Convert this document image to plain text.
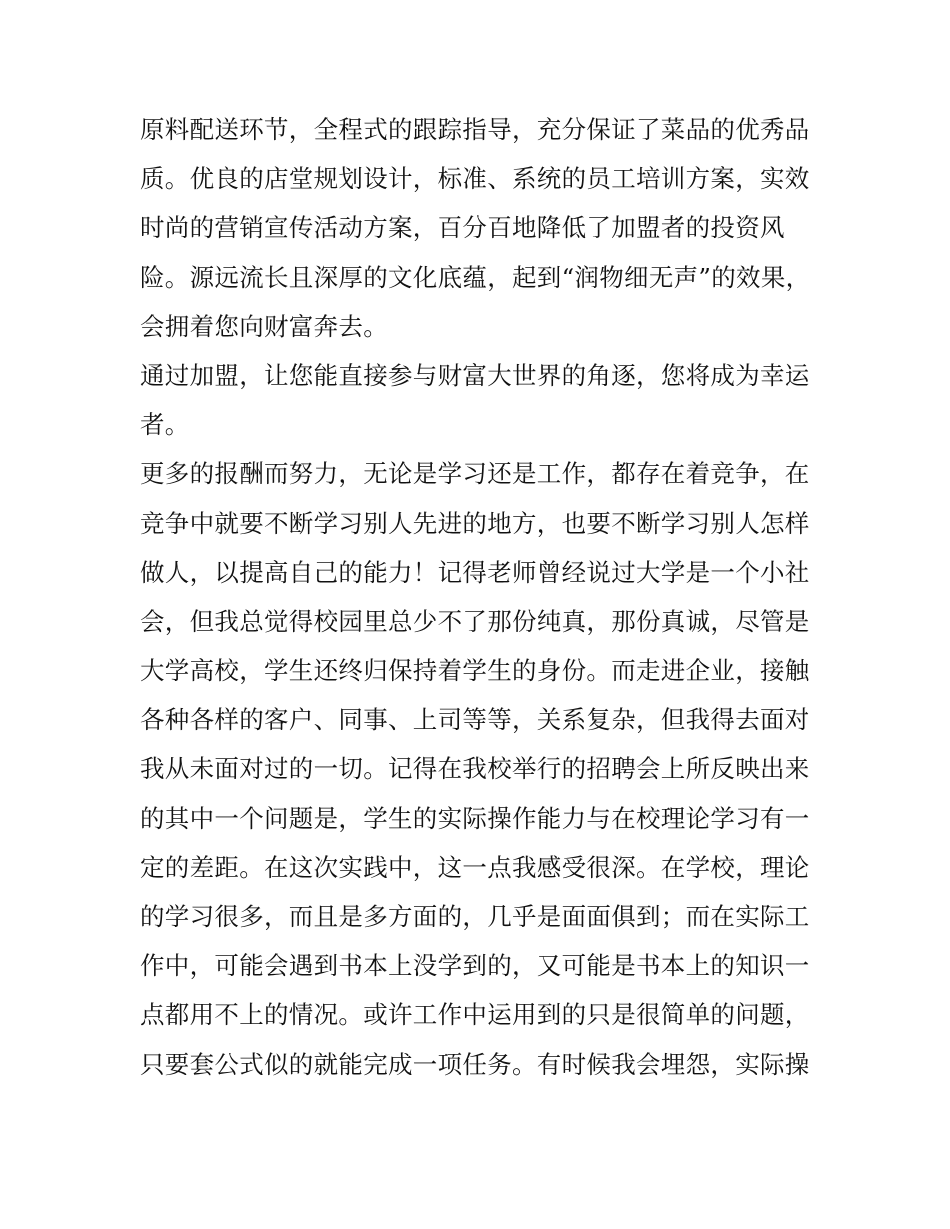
原料配送环节，全程式的跟踪指导，充分保证了菜品的优秀品
质。优良的店堂规划设计，标准、系统的员工培训方案，实效
时尚的营销宣传活动方案，百分百地降低了加盟者的投资风
险。源远流长且深厚的文化底蕴，起到“润物细无声”的效果，
会拥着您向财富奔去。
通过加盟，让您能直接参与财富大世界的角逐，您将成为幸运
者。
更多的报酬而努力，无论是学习还是工作，都存在着竞争，在
竞争中就要不断学习别人先进的地方，也要不断学习别人怎样
做人，以提高自己的能力！记得老师曾经说过大学是一个小社
会，但我总觉得校园里总少不了那份纯真，那份真诚，尽管是
大学高校，学生还终归保持着学生的身份。而走进企业，接触
各种各样的客户、同事、上司等等，关系复杂，但我得去面对
我从未面对过的一切。记得在我校举行的招聘会上所反映出来
的其中一个问题是，学生的实际操作能力与在校理论学习有一
定的差距。在这次实践中，这一点我感受很深。在学校，理论
的学习很多，而且是多方面的，几乎是面面俱到；而在实际工
作中，可能会遇到书本上没学到的，又可能是书本上的知识一
点都用不上的情况。或许工作中运用到的只是很简单的问题，
只要套公式似的就能完成一项任务。有时候我会埋怨，实际操
